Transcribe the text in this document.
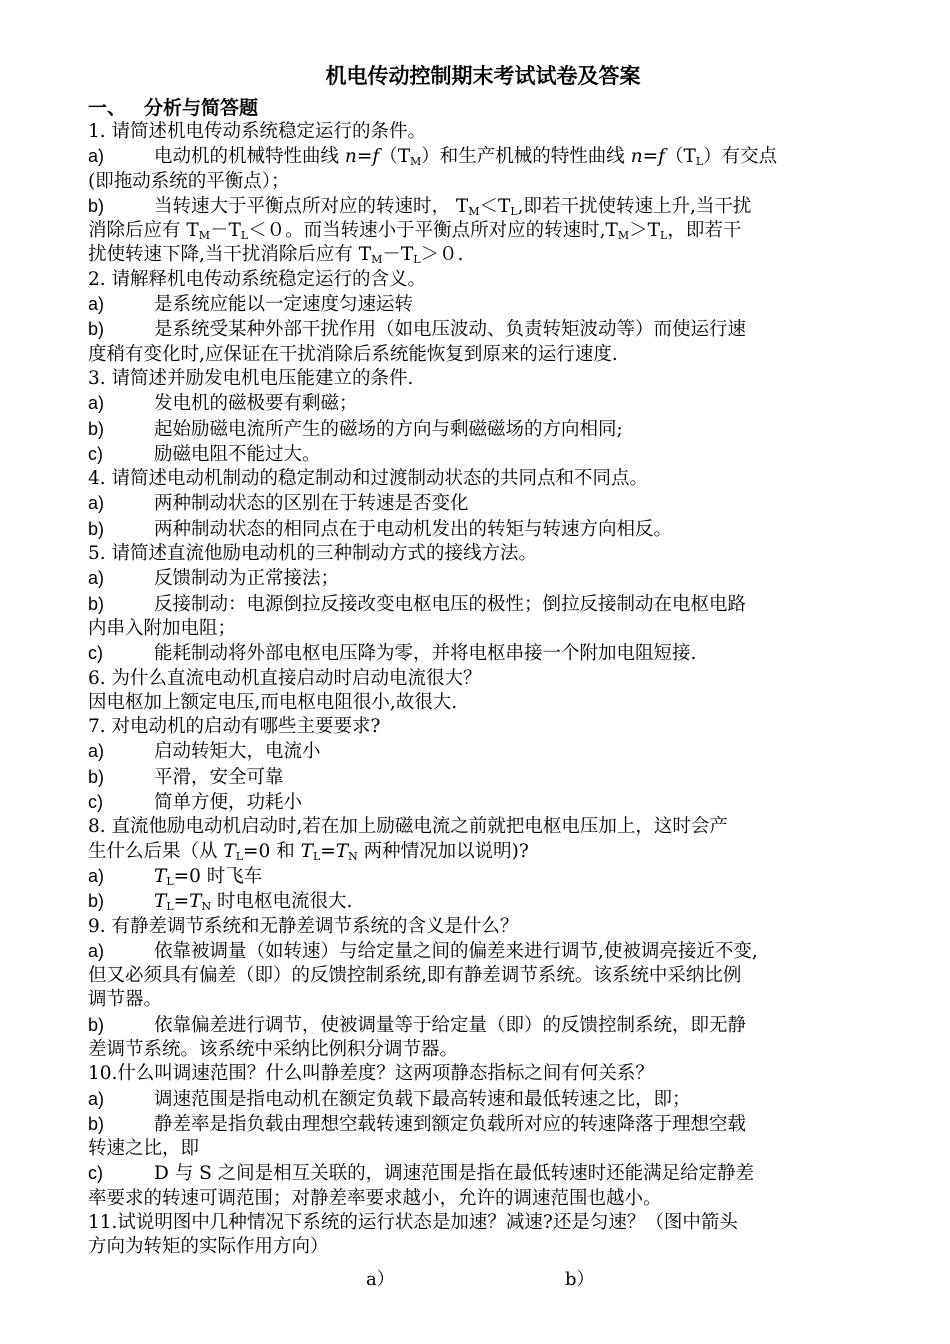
机电传动控制期末考试试卷及答案
一、 分析与简答题
1. 请简述机电传动系统稳定运行的条件。
a)	电动机的机械特性曲线 $n=f(T_M)$和生产机械的特性曲线 $n=f(T_L)$有交点
(即拖动系统的平衡点）；
b)	当转速大于平衡点所对应的转速时， $T_M<T_L$,即若干扰使转速上升,当干扰
消除后应有 $T_M-T_L<0$。而当转速小于平衡点所对应的转速时$,T_M>T_L$，即若干
扰使转速下降,当干扰消除后应有 $T_M-T_L>0$.
2. 请解释机电传动系统稳定运行的含义。
a)	是系统应能以一定速度匀速运转
b)	是系统受某种外部干扰作用（如电压波动、负责转矩波动等）而使运行速
度稍有变化时,应保证在干扰消除后系统能恢复到原来的运行速度.
3. 请简述并励发电机电压能建立的条件.
a)	发电机的磁极要有剩磁；
b)	起始励磁电流所产生的磁场的方向与剩磁磁场的方向相同;
c)	励磁电阻不能过大。
4. 请简述电动机制动的稳定制动和过渡制动状态的共同点和不同点。
a)	两种制动状态的区别在于转速是否变化
b)	两种制动状态的相同点在于电动机发出的转矩与转速方向相反。
5. 请简述直流他励电动机的三种制动方式的接线方法。
a)	反馈制动为正常接法；
b)	反接制动：电源倒拉反接改变电枢电压的极性；倒拉反接制动在电枢电路
内串入附加电阻；
c)	能耗制动将外部电枢电压降为零，并将电枢串接一个附加电阻短接.
6. 为什么直流电动机直接启动时启动电流很大？
因电枢加上额定电压,而电枢电阻很小,故很大.
7. 对电动机的启动有哪些主要要求?
a)	启动转矩大，电流小
b)	平滑，安全可靠
c)	简单方便，功耗小
8. 直流他励电动机启动时,若在加上励磁电流之前就把电枢电压加上，这时会产
生什么后果（从 $T_L=0$ 和 $T_L=T_N$ 两种情况加以说明)?
a)	$T_L=0$ 时飞车
b)	$T_L=T_N$ 时电枢电流很大.
9. 有静差调节系统和无静差调节系统的含义是什么？
a)	依靠被调量（如转速）与给定量之间的偏差来进行调节,使被调亮接近不变,
但又必须具有偏差（即）的反馈控制系统,即有静差调节系统。该系统中采纳比例
调节器。
b)	依靠偏差进行调节，使被调量等于给定量（即）的反馈控制系统，即无静
差调节系统。该系统中采纳比例积分调节器。
10.什么叫调速范围？什么叫静差度？这两项静态指标之间有何关系？
a)	调速范围是指电动机在额定负载下最高转速和最低转速之比，即；
b)	静差率是指负载由理想空载转速到额定负载所对应的转速降落于理想空载
转速之比，即
c)	D 与 S 之间是相互关联的，调速范围是指在最低转速时还能满足给定静差
率要求的转速可调范围；对静差率要求越小，允许的调速范围也越小。
11.试说明图中几种情况下系统的运行状态是加速？减速?还是匀速？（图中箭头
方向为转矩的实际作用方向）
a）	b）
